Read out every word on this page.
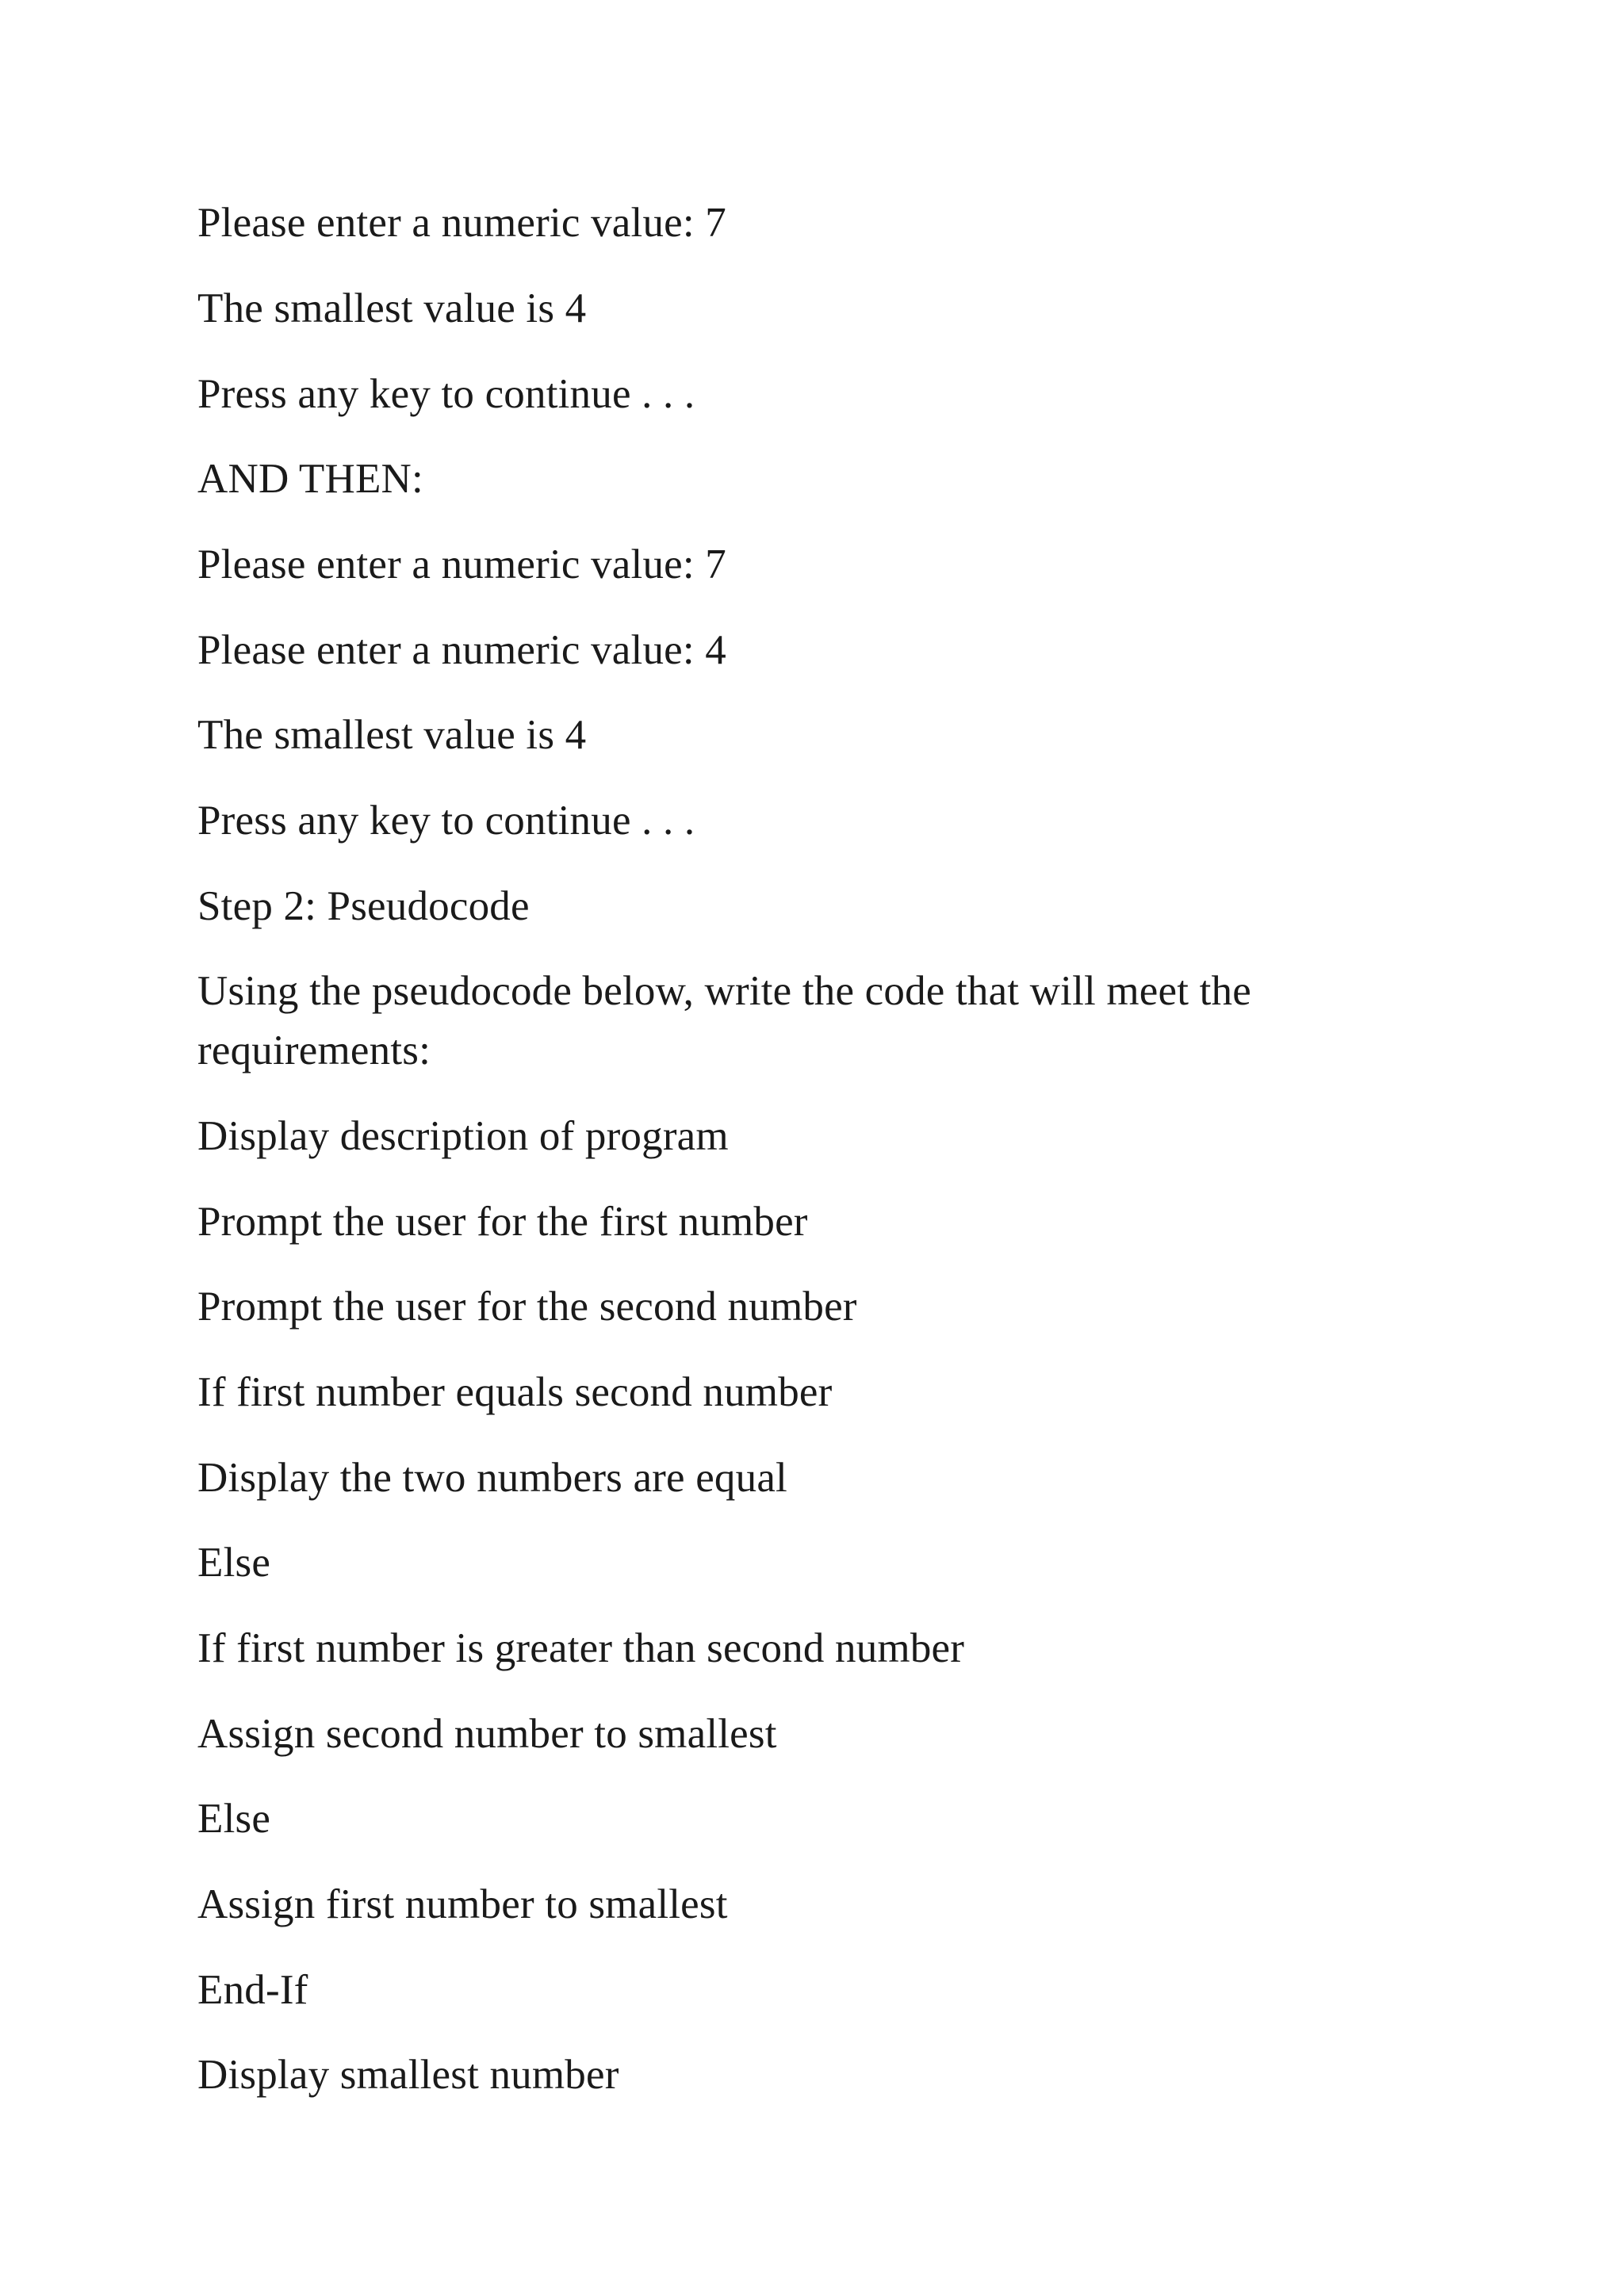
Please enter a numeric value: 7

The smallest value is 4

Press any key to continue . . .

AND THEN:

Please enter a numeric value: 7

Please enter a numeric value: 4

The smallest value is 4

Press any key to continue . . .

Step 2: Pseudocode

Using the pseudocode below, write the code that will meet the requirements:

Display description of program

Prompt the user for the first number

Prompt the user for the second number

If first number equals second number

Display the two numbers are equal

Else

If first number is greater than second number

Assign second number to smallest

Else

Assign first number to smallest

End-If

Display smallest number
